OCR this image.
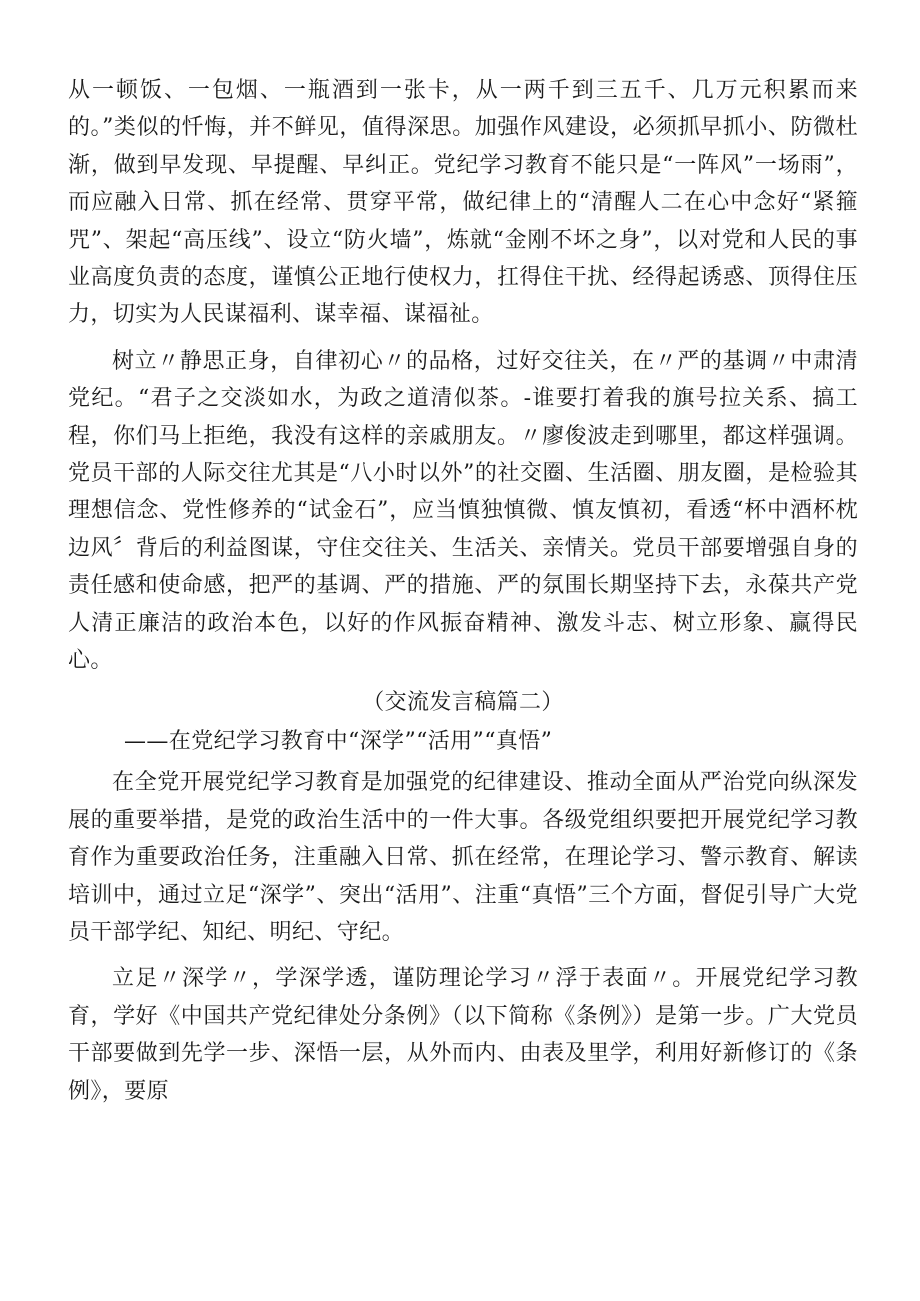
从一顿饭、一包烟、一瓶酒到一张卡，从一两千到三五千、几万元积累而来的。”类似的忏悔，并不鲜见，值得深思。加强作风建设，必须抓早抓小、防微杜渐，做到早发现、早提醒、早纠正。党纪学习教育不能只是“一阵风”一场雨”，而应融入日常、抓在经常、贯穿平常，做纪律上的“清醒人二在心中念好“紧箍咒”、架起“高压线”、设立“防火墙”，炼就“金刚不坏之身”，以对党和人民的事业高度负责的态度，谨慎公正地行使权力，扛得住干扰、经得起诱惑、顶得住压力，切实为人民谋福利、谋幸福、谋福祉。

树立〃静思正身，自律初心〃的品格，过好交往关，在〃严的基调〃中肃清党纪。“君子之交淡如水，为政之道清似茶。-谁要打着我的旗号拉关系、搞工程，你们马上拒绝，我没有这样的亲戚朋友。〃廖俊波走到哪里，都这样强调。党员干部的人际交往尤其是“八小时以外”的社交圈、生活圈、朋友圈，是检验其理想信念、党性修养的“试金石”，应当慎独慎微、慎友慎初，看透“杯中酒杯枕边风〞背后的利益图谋，守住交往关、生活关、亲情关。党员干部要增强自身的责任感和使命感，把严的基调、严的措施、严的氛围长期坚持下去，永葆共产党人清正廉洁的政治本色，以好的作风振奋精神、激发斗志、树立形象、赢得民心。

（交流发言稿篇二）

——在党纪学习教育中“深学”“活用”“真悟”

在全党开展党纪学习教育是加强党的纪律建设、推动全面从严治党向纵深发展的重要举措，是党的政治生活中的一件大事。各级党组织要把开展党纪学习教育作为重要政治任务，注重融入日常、抓在经常，在理论学习、警示教育、解读培训中，通过立足“深学”、突出“活用”、注重“真悟”三个方面，督促引导广大党员干部学纪、知纪、明纪、守纪。

立足〃深学〃，学深学透，谨防理论学习〃浮于表面〃。开展党纪学习教育，学好《中国共产党纪律处分条例》（以下简称《条例》）是第一步。广大党员干部要做到先学一步、深悟一层，从外而内、由表及里学，利用好新修订的《条例》，要原
